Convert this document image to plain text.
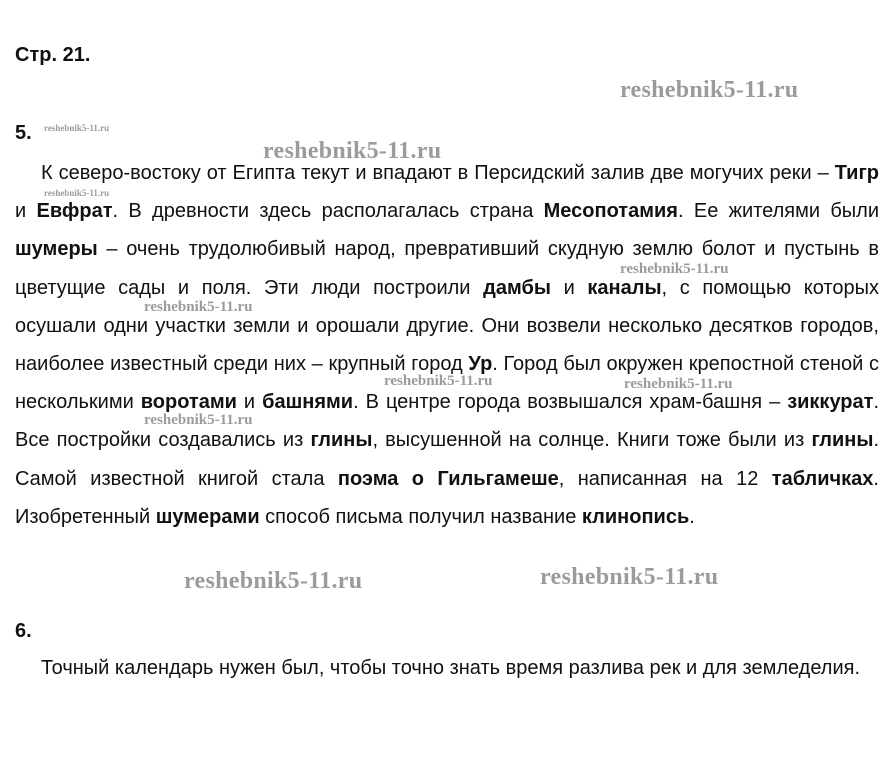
Стр. 21.
reshebnik5-11.ru
5. reshebnik5-11.ru
reshebnik5-11.ru
reshebnik5-11.ru

К северо-востоку от Египта текут и впадают в Персидский залив две могучих реки – Тигр и Евфрат. В древности здесь располагалась страна Месопотамия. Ее жителями были шумеры – очень трудолюбивый народ, превративший скудную землю болот и пустынь в цветущие сады и поля. Эти люди построили дамбы и каналы, с помощью которых осушали одни участки земли и орошали другие. Они возвели несколько десятков городов, наиболее известный среди них – крупный город Ур. Город был окружен крепостной стеной с несколькими воротами и башнями. В центре города возвышался храм-башня – зиккурат. Все постройки создавались из глины, высушенной на солнце. Книги тоже были из глины. Самой известной книгой стала поэма о Гильгамеше, написанная на 12 табличках. Изобретенный шумерами способ письма получил название клинопись.

reshebnik5-11.ru
reshebnik5-11.ru
reshebnik5-11.ru	reshebnik5-11.ru
reshebnik5-11.ru
reshebnik5-11.ru	reshebnik5-11.ru
6.

Точный календарь нужен был, чтобы точно знать время разлива рек и для земледелия.
